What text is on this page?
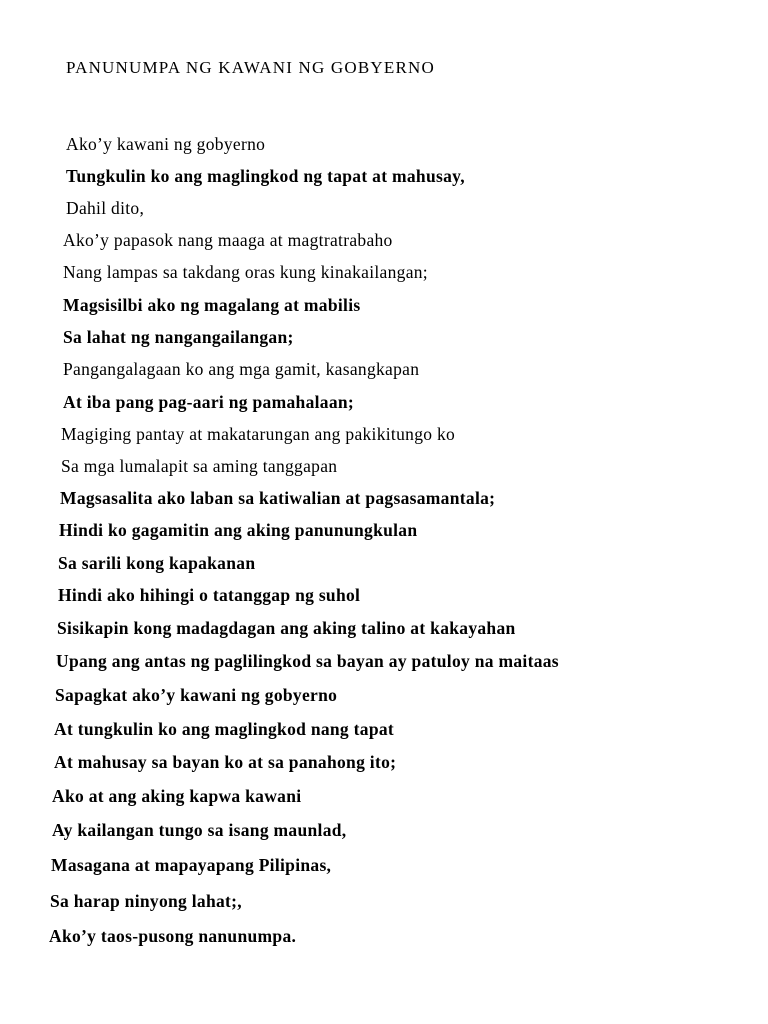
PANUNUMPA NG KAWANI NG GOBYERNO
Ako’y kawani ng gobyerno
Tungkulin ko ang maglingkod ng tapat at mahusay,
Dahil dito,
Ako’y papasok nang maaga at magtratrabaho
Nang lampas sa takdang oras kung kinakailangan;
Magsisilbi ako ng magalang at mabilis
Sa lahat ng nangangailangan;
Pangangalagaan ko ang mga gamit, kasangkapan
At iba pang pag-aari ng pamahalaan;
Magiging pantay at makatarungan ang pakikitungo ko
Sa mga lumalapit sa aming tanggapan
Magsasalita ako laban sa katiwalian at pagsasamantala;
Hindi ko gagamitin ang aking panunungkulan
Sa sarili kong kapakanan
Hindi ako hihingi o tatanggap ng suhol
Sisikapin kong madagdagan ang aking talino at kakayahan
Upang ang antas ng paglilingkod sa bayan ay patuloy na maitaas
Sapagkat ako’y kawani ng gobyerno
At tungkulin ko ang maglingkod nang tapat
At mahusay sa bayan ko at sa panahong ito;
Ako at ang aking kapwa kawani
Ay kailangan tungo sa isang maunlad,
Masagana at mapayapang Pilipinas,
Sa harap ninyong lahat;,
Ako’y taos-pusong nanunumpa.
